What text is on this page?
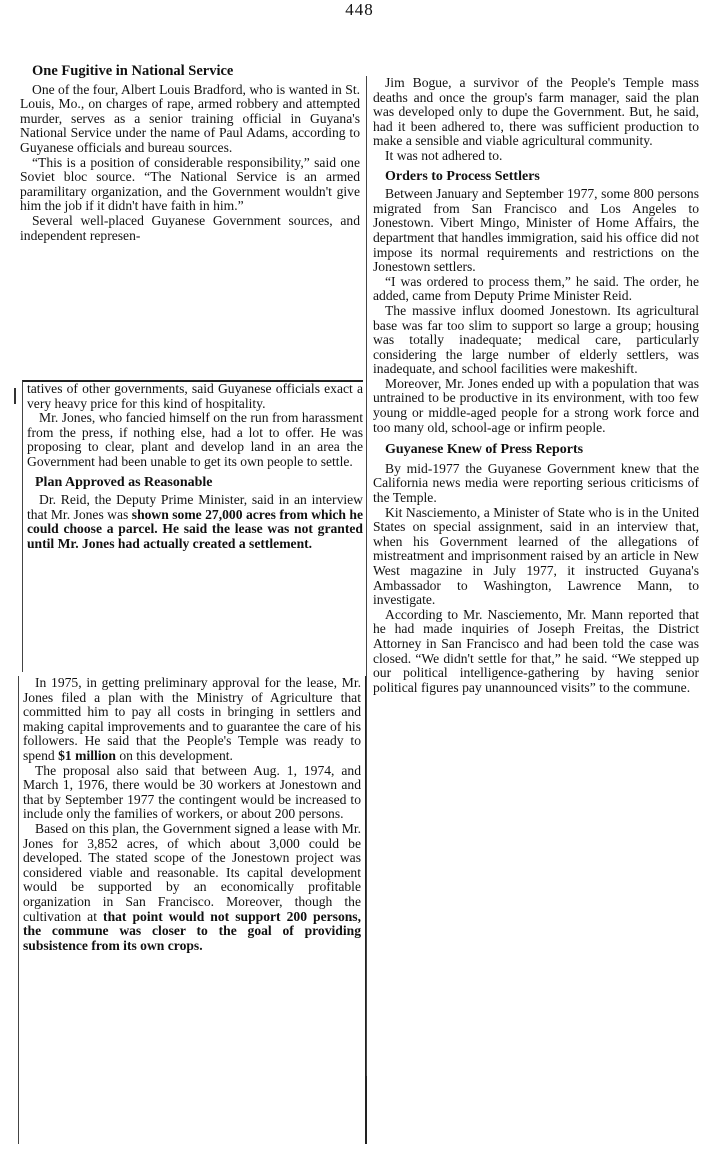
448

One Fugitive in National Service

One of the four, Albert Louis Bradford, who is wanted in St. Louis, Mo., on charges of rape, armed robbery and attempted murder, serves as a senior training official in Guyana's National Service under the name of Paul Adams, according to Guyanese officials and bureau sources.

“This is a position of considerable responsibility,” said one Soviet bloc source. “The National Service is an armed paramilitary organization, and the Government wouldn't give him the job if it didn't have faith in him.”

Several well-placed Guyanese Government sources, and independent represen-

tatives of other governments, said Guyanese officials exact a very heavy price for this kind of hospitality.

Mr. Jones, who fancied himself on the run from harassment from the press, if nothing else, had a lot to offer. He was proposing to clear, plant and develop land in an area the Government had been unable to get its own people to settle.

Plan Approved as Reasonable

Dr. Reid, the Deputy Prime Minister, said in an interview that Mr. Jones was shown some 27,000 acres from which he could choose a parcel. He said the lease was not granted until Mr. Jones had actually created a settlement.

In 1975, in getting preliminary approval for the lease, Mr. Jones filed a plan with the Ministry of Agriculture that committed him to pay all costs in bringing in settlers and making capital improvements and to guarantee the care of his followers. He said that the People's Temple was ready to spend $1 million on this development.

The proposal also said that between Aug. 1, 1974, and March 1, 1976, there would be 30 workers at Jonestown and that by September 1977 the contingent would be increased to include only the families of workers, or about 200 persons.

Based on this plan, the Government signed a lease with Mr. Jones for 3,852 acres, of which about 3,000 could be developed. The stated scope of the Jonestown project was considered viable and reasonable. Its capital development would be supported by an economically profitable organization in San Francisco. Moreover, though the cultivation at that point would not support 200 persons, the commune was closer to the goal of providing subsistence from its own crops.

Jim Bogue, a survivor of the People's Temple mass deaths and once the group's farm manager, said the plan was developed only to dupe the Government. But, he said, had it been adhered to, there was sufficient production to make a sensible and viable agricultural community.

It was not adhered to.

Orders to Process Settlers

Between January and September 1977, some 800 persons migrated from San Francisco and Los Angeles to Jonestown. Vibert Mingo, Minister of Home Affairs, the department that handles immigration, said his office did not impose its normal requirements and restrictions on the Jonestown settlers.

“I was ordered to process them,” he said. The order, he added, came from Deputy Prime Minister Reid.

The massive influx doomed Jonestown. Its agricultural base was far too slim to support so large a group; housing was totally inadequate; medical care, particularly considering the large number of elderly settlers, was inadequate, and school facilities were makeshift.

Moreover, Mr. Jones ended up with a population that was untrained to be productive in its environment, with too few young or middle-aged people for a strong work force and too many old, school-age or infirm people.

Guyanese Knew of Press Reports

By mid-1977 the Guyanese Government knew that the California news media were reporting serious criticisms of the Temple.

Kit Nasciemento, a Minister of State who is in the United States on special assignment, said in an interview that, when his Government learned of the allegations of mistreatment and imprisonment raised by an article in New West magazine in July 1977, it instructed Guyana's Ambassador to Washington, Lawrence Mann, to investigate.

According to Mr. Nasciemento, Mr. Mann reported that he had made inquiries of Joseph Freitas, the District Attorney in San Francisco and had been told the case was closed. “We didn't settle for that,” he said. “We stepped up our political intelligence-gathering by having senior political figures pay unannounced visits” to the commune.
